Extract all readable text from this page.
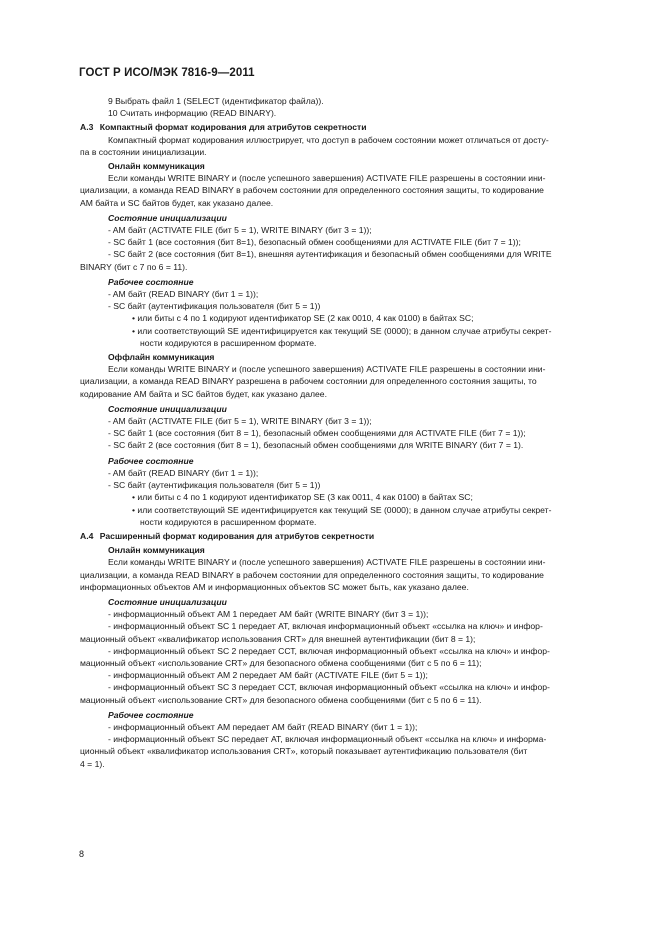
ГОСТ Р ИСО/МЭК 7816-9—2011

9 Выбрать файл 1 (SELECT (идентификатор файла)).

10 Считать информацию (READ BINARY).

А.3 Компактный формат кодирования для атрибутов секретности

Компактный формат кодирования иллюстрирует, что доступ в рабочем состоянии может отличаться от досту-

па в состоянии инициализации.

Онлайн коммуникация

Если команды WRITE BINARY и (после успешного завершения) ACTIVATE FILE разрешены в состоянии ини-

циализации, а команда READ BINARY в рабочем состоянии для определенного состояния защиты, то кодирование

АМ байта и SC байтов будет, как указано далее.

Состояние инициализации

- AM байт (ACTIVATE FILE (бит 5 = 1), WRITE BINARY (бит 3 = 1));

- SC байт 1 (все состояния (бит 8=1), безопасный обмен сообщениями для ACTIVATE FILE (бит 7 = 1));

- SC байт 2 (все состояния (бит 8=1), внешняя аутентификация и безопасный обмен сообщениями для WRITE

BINARY (бит с 7 по 6 = 11).

Рабочее состояние

- AM байт (READ BINARY (бит 1 = 1));

- SC байт (аутентификация пользователя (бит 5 = 1))

• или биты с 4 по 1 кодируют идентификатор SE (2 как 0010, 4 как 0100) в байтах SC;

• или соответствующий SE идентифицируется как текущий SE (0000); в данном случае атрибуты секрет-

ности кодируются в расширенном формате.

Оффлайн коммуникация

Если команды WRITE BINARY и (после успешного завершения) ACTIVATE FILE разрешены в состоянии ини-

циализации, а команда READ BINARY разрешена в рабочем состоянии для определенного состояния защиты, то

кодирование AM байта и SC байтов будет, как указано далее.

Состояние инициализации

- AM байт (ACTIVATE FILE (бит 5 = 1), WRITE BINARY (бит 3 = 1));

- SC байт 1 (все состояния (бит 8 = 1), безопасный обмен сообщениями для ACTIVATE FILE (бит 7 = 1));

- SC байт 2 (все состояния (бит 8 = 1), безопасный обмен сообщениями для WRITE BINARY (бит 7 = 1).

Рабочее состояние

- AM байт (READ BINARY (бит 1 = 1));

- SC байт (аутентификация пользователя (бит 5 = 1))

• или биты с 4 по 1 кодируют идентификатор SE (3 как 0011, 4 как 0100) в байтах SC;

• или соответствующий SE идентифицируется как текущий SE (0000); в данном случае атрибуты секрет-

ности кодируются в расширенном формате.

А.4 Расширенный формат кодирования для атрибутов секретности

Онлайн коммуникация

Если команды WRITE BINARY и (после успешного завершения) ACTIVATE FILE разрешены в состоянии ини-

циализации, а команда READ BINARY в рабочем состоянии для определенного состояния защиты, то кодирование

информационных объектов АМ и информационных объектов SC может быть, как указано далее.

Состояние инициализации

- информационный объект АМ 1 передает АМ байт (WRITE BINARY (бит 3 = 1));

- информационный объект SC 1 передает АТ, включая информационный объект «ссылка на ключ» и инфор-

мационный объект «квалификатор использования CRT» для внешней аутентификации (бит 8 = 1);

- информационный объект SC 2 передает ССТ, включая информационный объект «ссылка на ключ» и инфор-

мационный объект «использование CRT» для безопасного обмена сообщениями (бит с 5 по 6 = 11);

- информационный объект АМ 2 передает АМ байт (ACTIVATE FILE (бит 5 = 1));

- информационный объект SC 3 передает ССТ, включая информационный объект «ссылка на ключ» и инфор-

мационный объект «использование CRT» для безопасного обмена сообщениями (бит с 5 по 6 = 11).

Рабочее состояние

- информационный объект АМ передает АМ байт (READ BINARY (бит 1 = 1));

- информационный объект SC передает АТ, включая информационный объект «ссылка на ключ» и информа-

ционный объект «квалификатор использования CRT», который показывает аутентификацию пользователя (бит

4 = 1).

8
